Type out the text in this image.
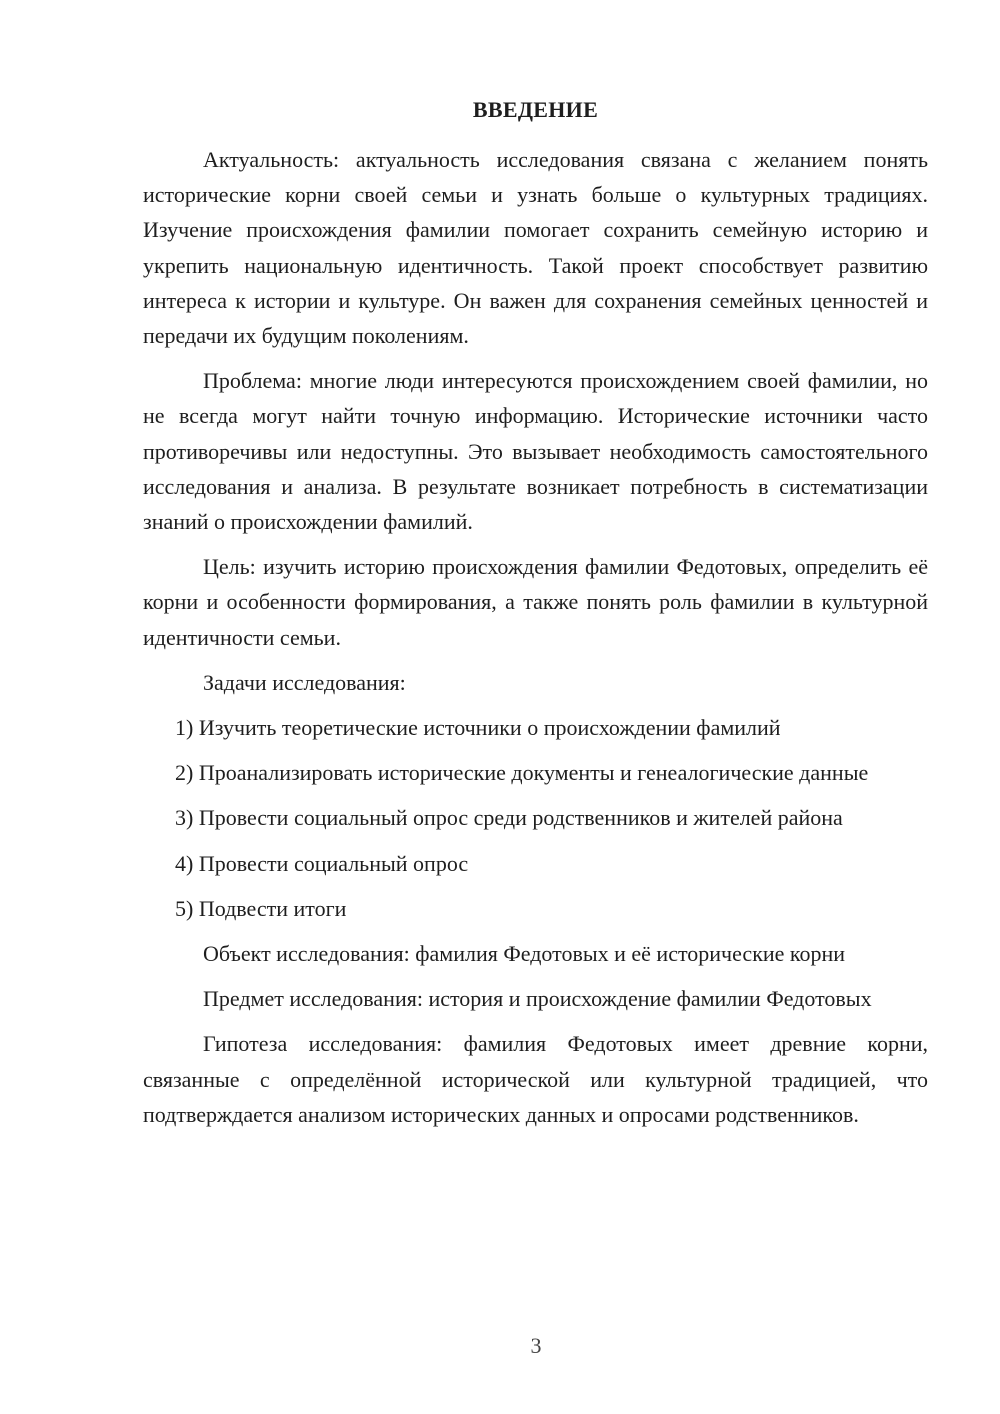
ВВЕДЕНИЕ

Актуальность: актуальность исследования связана с желанием понять исторические корни своей семьи и узнать больше о культурных традициях. Изучение происхождения фамилии помогает сохранить семейную историю и укрепить национальную идентичность. Такой проект способствует развитию интереса к истории и культуре. Он важен для сохранения семейных ценностей и передачи их будущим поколениям.

Проблема: многие люди интересуются происхождением своей фамилии, но не всегда могут найти точную информацию. Исторические источники часто противоречивы или недоступны. Это вызывает необходимость самостоятельного исследования и анализа. В результате возникает потребность в систематизации знаний о происхождении фамилий.

Цель: изучить историю происхождения фамилии Федотовых, определить её корни и особенности формирования, а также понять роль фамилии в культурной идентичности семьи.

Задачи исследования:

1) Изучить теоретические источники о происхождении фамилий

2) Проанализировать исторические документы и генеалогические данные

3) Провести социальный опрос среди родственников и жителей района

4) Провести социальный опрос

5) Подвести итоги

Объект исследования: фамилия Федотовых и её исторические корни

Предмет исследования: история и происхождение фамилии Федотовых

Гипотеза исследования: фамилия Федотовых имеет древние корни, связанные с определённой исторической или культурной традицией, что подтверждается анализом исторических данных и опросами родственников.

3
